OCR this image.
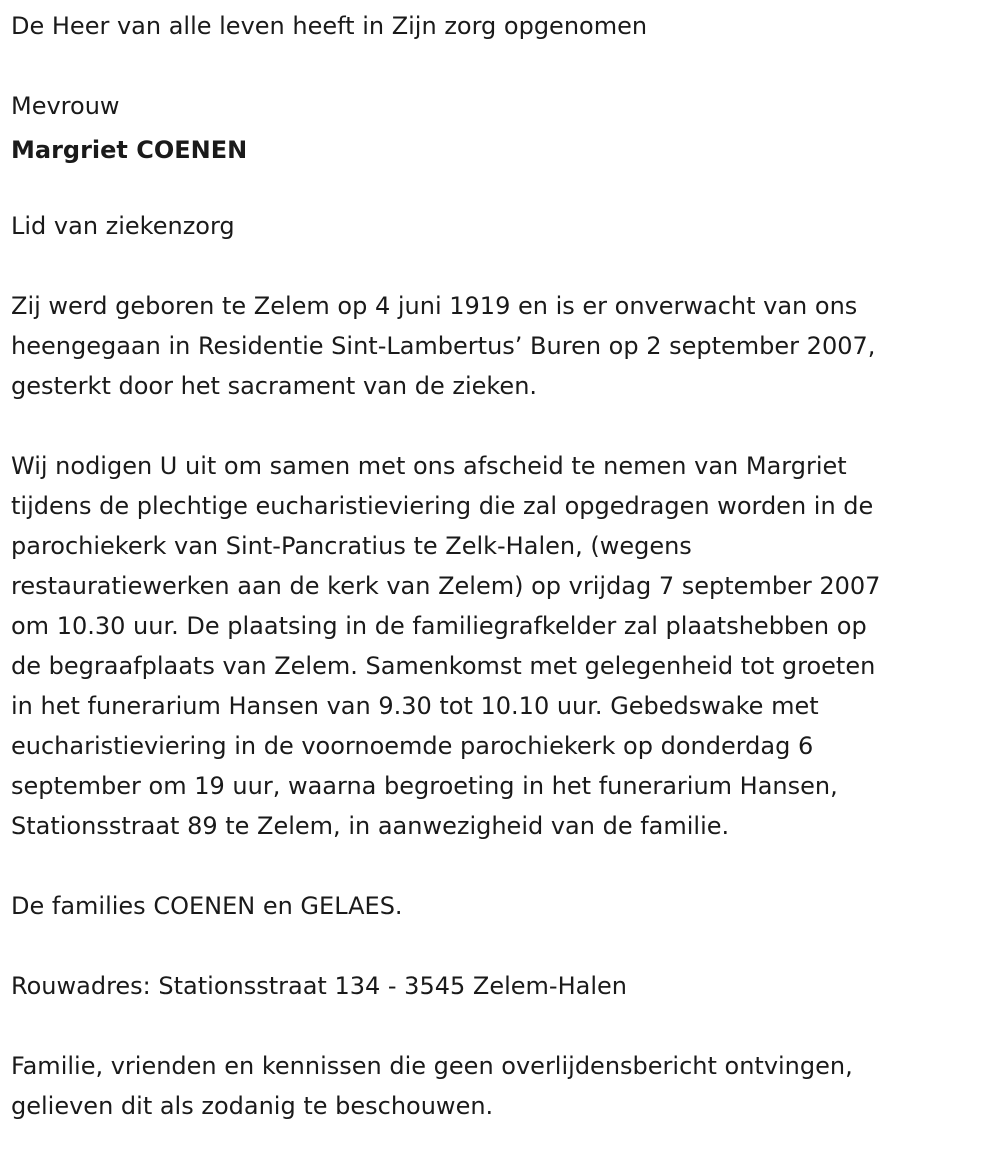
De Heer van alle leven heeft in Zijn zorg opgenomen

Mevrouw

Margriet COENEN

Lid van ziekenzorg

Zij werd geboren te Zelem op 4 juni 1919 en is er onverwacht van ons

heengegaan in Residentie Sint-Lambertus’ Buren op 2 september 2007,

gesterkt door het sacrament van de zieken.

Wij nodigen U uit om samen met ons afscheid te nemen van Margriet

tijdens de plechtige eucharistieviering die zal opgedragen worden in de

parochiekerk van Sint-Pancratius te Zelk-Halen, (wegens

restauratiewerken aan de kerk van Zelem) op vrijdag 7 september 2007

om 10.30 uur. De plaatsing in de familiegrafkelder zal plaatshebben op

de begraafplaats van Zelem. Samenkomst met gelegenheid tot groeten

in het funerarium Hansen van 9.30 tot 10.10 uur. Gebedswake met

eucharistieviering in de voornoemde parochiekerk op donderdag 6

september om 19 uur, waarna begroeting in het funerarium Hansen,

Stationsstraat 89 te Zelem, in aanwezigheid van de familie.

De families COENEN en GELAES.

Rouwadres: Stationsstraat 134 - 3545 Zelem-Halen

Familie, vrienden en kennissen die geen overlijdensbericht ontvingen,

gelieven dit als zodanig te beschouwen.
